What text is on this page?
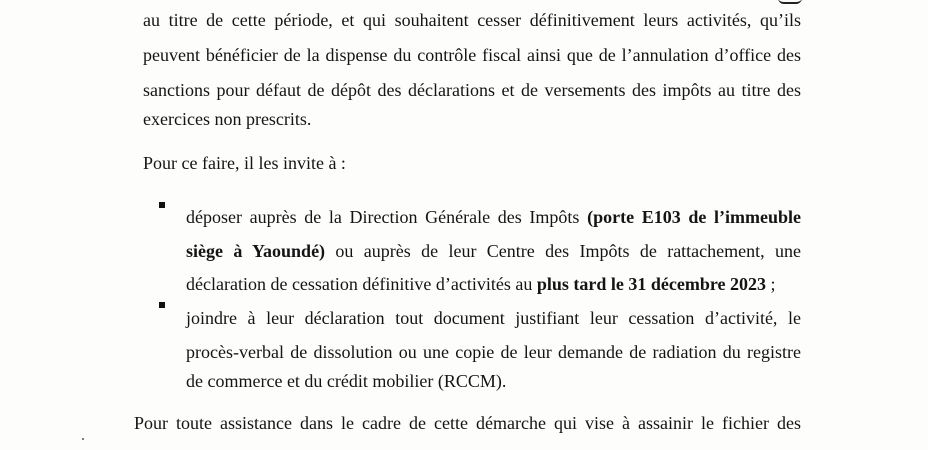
au titre de cette période, et qui souhaitent cesser définitivement leurs activités, qu’ils
peuvent bénéficier de la dispense du contrôle fiscal ainsi que de l’annulation d’office des
sanctions pour défaut de dépôt des déclarations et de versements des impôts au titre des
exercices non prescrits.
Pour ce faire, il les invite à :
déposer auprès de la Direction Générale des Impôts (porte E103 de l’immeuble
siège à Yaoundé) ou auprès de leur Centre des Impôts de rattachement, une
déclaration de cessation définitive d’activités au plus tard le 31 décembre 2023 ;
joindre à leur déclaration tout document justifiant leur cessation d’activité, le
procès-verbal de dissolution ou une copie de leur demande de radiation du registre
de commerce et du crédit mobilier (RCCM).
Pour toute assistance dans le cadre de cette démarche qui vise à assainir le fichier des
